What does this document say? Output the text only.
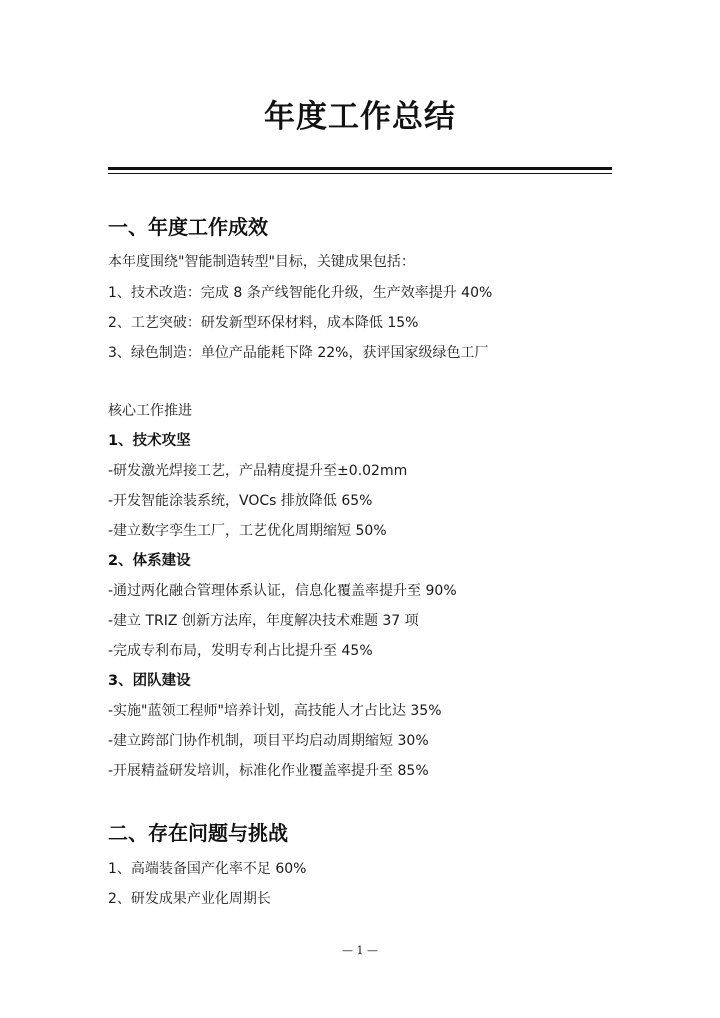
年度工作总结
一、年度工作成效
本年度围绕"智能制造转型"目标，关键成果包括：
1、技术改造：完成 8 条产线智能化升级，生产效率提升 40%
2、工艺突破：研发新型环保材料，成本降低 15%
3、绿色制造：单位产品能耗下降 22%，获评国家级绿色工厂
核心工作推进
1、技术攻坚
-研发激光焊接工艺，产品精度提升至±0.02mm
-开发智能涂装系统，VOCs 排放降低 65%
-建立数字孪生工厂，工艺优化周期缩短 50%
2、体系建设
-通过两化融合管理体系认证，信息化覆盖率提升至 90%
-建立 TRIZ 创新方法库，年度解决技术难题 37 项
-完成专利布局，发明专利占比提升至 45%
3、团队建设
-实施"蓝领工程师"培养计划，高技能人才占比达 35%
-建立跨部门协作机制，项目平均启动周期缩短 30%
-开展精益研发培训，标准化作业覆盖率提升至 85%
二、存在问题与挑战
1、高端装备国产化率不足 60%
2、研发成果产业化周期长
— 1 —
